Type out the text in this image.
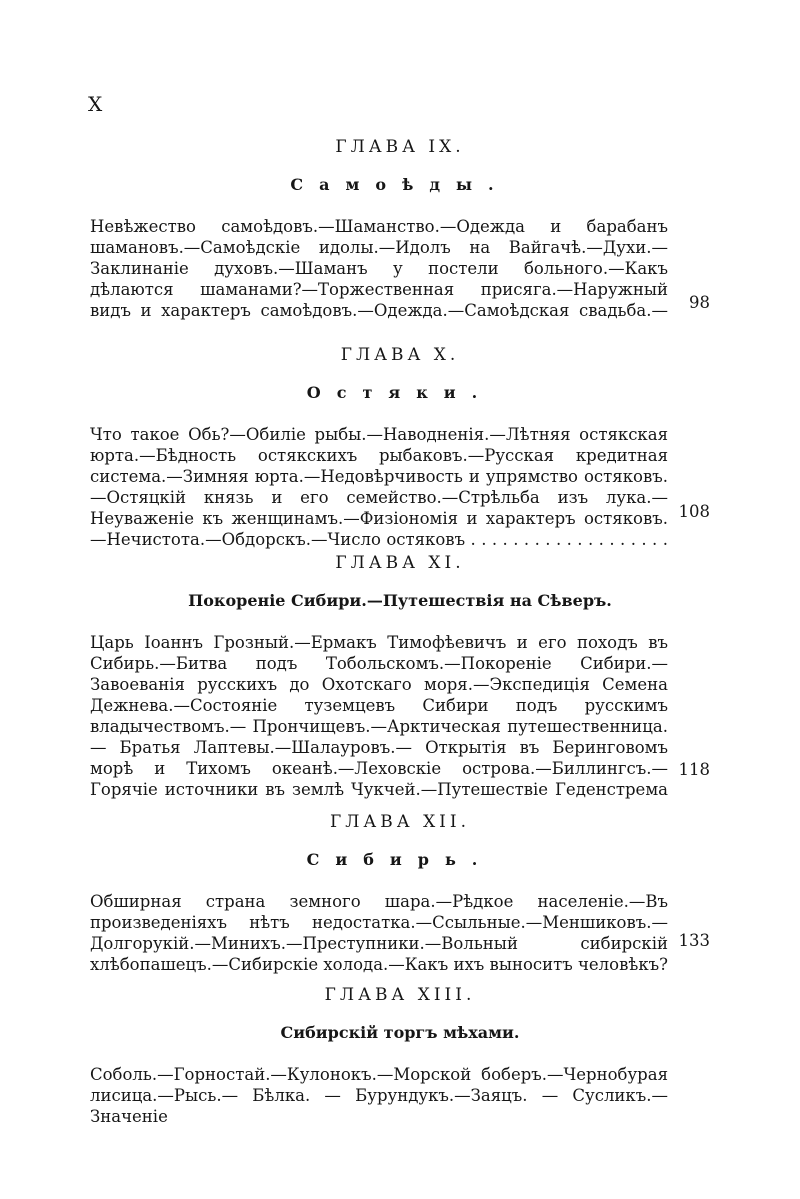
X

ГЛАВА IX.

Самоѣды.

Невѣжество самоѣдовъ.—Шаманство.—Одежда и барабанъ шамановъ.—Самоѣдскіе идолы.—Идолъ на Вайгачѣ.—Духи.—Заклинаніе духовъ.—Шаманъ у постели больного.—Какъ дѣлаются шаманами?—Торжественная присяга.—Наружный видъ и характеръ самоѣдовъ.—Одежда.—Самоѣдская свадьба.— 98

ГЛАВА X.

Остяки.

Что такое Обь?—Обиліе рыбы.—Наводненія.—Лѣтняя остякская юрта.—Бѣдность остякскихъ рыбаковъ.—Русская кредитная система.—Зимняя юрта.—Недовѣрчивость и упрямство остяковъ.—Остяцкій князь и его семейство.—Стрѣльба изъ лука.—Неуваженіе къ женщинамъ.—Физіономія и характеръ остяковъ.—Нечистота.—Обдорскъ.—Число остяковъ . . . . . . . . . . . . . . . . . . .

108

ГЛАВА XI.

Покореніе Сибири.—Путешествія на Сѣверъ.

Царь Іоаннъ Грозный.—Ермакъ Тимофѣевичъ и его походъ въ Сибирь.—Битва подъ Тобольскомъ.—Покореніе Сибири.—Завоеванія русскихъ до Охотскаго моря.—Экспедиція Семена Дежнева.—Состояніе туземцевъ Сибири подъ русскимъ владычествомъ.— Прончищевъ.—Арктическая путешественница.— Братья Лаптевы.—Шалауровъ.— Открытія въ Беринговомъ морѣ и Тихомъ океанѣ.—Леховскіе острова.—Биллингсъ.—Горячіе источники въ землѣ Чукчей.—Путешествіе Геденстрема

118

ГЛАВА XII.

Сибирь.

Обширная страна земного шара.—Рѣдкое населеніе.—Въ произведеніяхъ нѣтъ недостатка.—Ссыльные.—Меншиковъ.—Долгорукій.—Минихъ.—Преступники.—Вольный сибирскій хлѣбопашецъ.—Сибирскіе холода.—Какъ ихъ выноситъ человѣкъ?

133

ГЛАВА XIII.

Сибирскій торгъ мѣхами.

Соболь.—Горностай.—Кулонокъ.—Морской боберъ.—Чернобурая лисица.—Рысь.— Бѣлка. — Бурундукъ.—Заяцъ. — Сусликъ.—Значеніе
